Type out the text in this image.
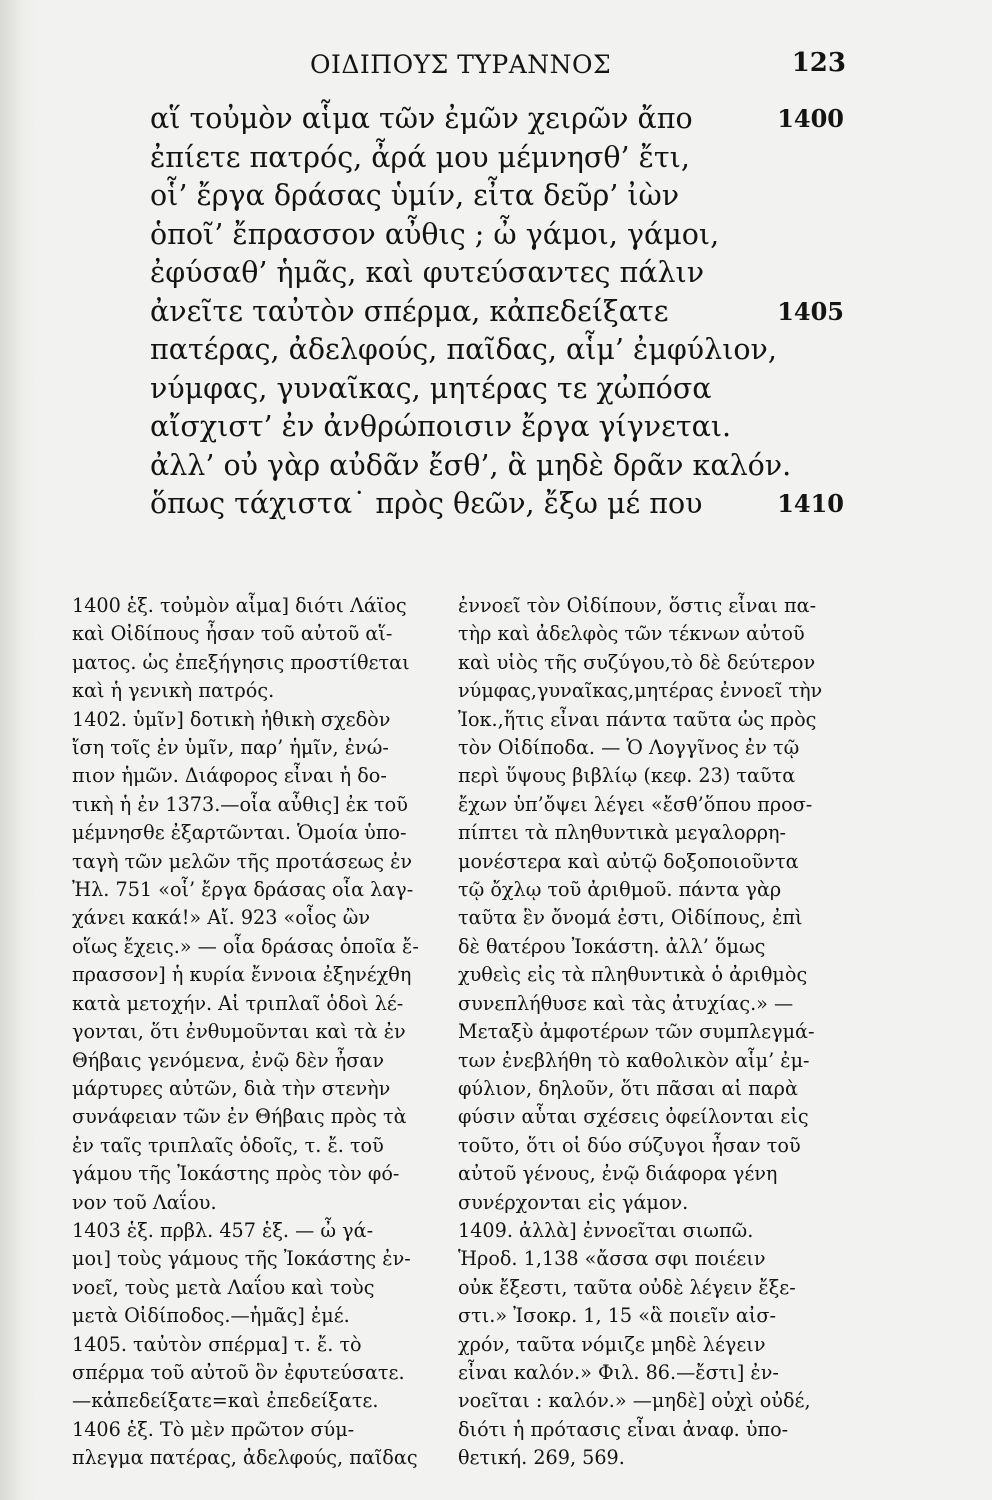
ΟΙΔΙΠΟΥΣ ΤΥΡΑΝΝΟΣ	123
αἵ τοὐμὸν αἷμα τῶν ἐμῶν χειρῶν ἄπο	1400
ἐπίετε πατρός, ἆρά μου μέμνησθ’ ἔτι,
οἷ’ ἔργα δράσας ὑμίν, εἶτα δεῦρ’ ἰὼν
ὁποῖ’ ἔπρασσον αὖθις ; ὦ γάμοι, γάμοι,
ἐφύσαθ’ ἡμᾶς, καὶ φυτεύσαντες πάλιν
ἀνεῖτε ταὐτὸν σπέρμα, κἀπεδείξατε	1405
πατέρας, ἀδελφούς, παῖδας, αἷμ’ ἐμφύλιον,
νύμφας, γυναῖκας, μητέρας τε χὠπόσα
αἴσχιστ’ ἐν ἀνθρώποισιν ἔργα γίγνεται.
ἀλλ’ οὐ γὰρ αὐδᾶν ἔσθ’, ἃ μηδὲ δρᾶν καλόν.
ὅπως τάχιστα˙ πρὸς θεῶν, ἔξω μέ που	1410
1400 ἑξ. τοὐμὸν αἷμα] διότι Λάϊος
καὶ Οἰδίπους ἦσαν τοῦ αὐτοῦ αἵ-
ματος. ὡς ἐπεξήγησις προστίθεται
καὶ ἡ γενικὴ πατρός.
1402. ὑμῖν] δοτικὴ ἠθικὴ σχεδὸν
ἴση τοῖς ἐν ὑμῖν, παρ’ ἡμῖν, ἐνώ-
πιον ἡμῶν. Διάφορος εἶναι ἡ δο-
τικὴ ἡ ἐν 1373.—οἷα αὖθις] ἐκ τοῦ
μέμνησθε ἐξαρτῶνται. Ὁμοία ὑπο-
ταγὴ τῶν μελῶν τῆς προτάσεως ἐν
Ἠλ. 751 «οἷ’ ἔργα δράσας οἷα λαγ-
χάνει κακά!» Αἴ. 923 «οἷος ὢν
οἵως ἔχεις.» — οἷα δράσας ὁποῖα ἔ-
πρασσον] ἡ κυρία ἔννοια ἐξηνέχθη
κατὰ μετοχήν. Αἱ τριπλαῖ ὁδοὶ λέ-
γονται, ὅτι ἐνθυμοῦνται καὶ τὰ ἐν
Θήβαις γενόμενα, ἐνῷ δὲν ἦσαν
μάρτυρες αὐτῶν, διὰ τὴν στενὴν
συνάφειαν τῶν ἐν Θήβαις πρὸς τὰ
ἐν ταῖς τριπλαῖς ὁδοῖς, τ. ἔ. τοῦ
γάμου τῆς Ἰοκάστης πρὸς τὸν φό-
νον τοῦ Λαΐου.
1403 ἑξ. πρβλ. 457 ἑξ. — ὦ γά-
μοι] τοὺς γάμους τῆς Ἰοκάστης ἐν-
νοεῖ, τοὺς μετὰ Λαΐου καὶ τοὺς
μετὰ Οἰδίποδος.—ἡμᾶς] ἐμέ.
1405. ταὐτὸν σπέρμα] τ. ἔ. τὸ
σπέρμα τοῦ αὐτοῦ ὃν ἐφυτεύσατε.
—κἀπεδείξατε=καὶ ἐπεδείξατε.
1406 ἑξ. Τὸ μὲν πρῶτον σύμ-
πλεγμα πατέρας, ἀδελφούς, παῖδας
ἐννοεῖ τὸν Οἰδίπουν, ὅστις εἶναι πα-
τὴρ καὶ ἀδελφὸς τῶν τέκνων αὐτοῦ
καὶ υἱὸς τῆς συζύγου,τὸ δὲ δεύτερον
νύμφας,γυναῖκας,μητέρας ἐννοεῖ τὴν
Ἰοκ.,ἥτις εἶναι πάντα ταῦτα ὡς πρὸς
τὸν Οἰδίποδα. — Ὁ Λογγῖνος ἐν τῷ
περὶ ὕψους βιβλίῳ (κεφ. 23) ταῦτα
ἔχων ὑπ’ὄψει λέγει «ἔσθ’ὅπου προσ-
πίπτει τὰ πληθυντικὰ μεγαλορρη-
μονέστερα καὶ αὐτῷ δοξοποιοῦντα
τῷ ὄχλῳ τοῦ ἀριθμοῦ. πάντα γὰρ
ταῦτα ἓν ὄνομά ἐστι, Οἰδίπους, ἐπὶ
δὲ θατέρου Ἰοκάστη. ἀλλ’ ὅμως
χυθεὶς εἰς τὰ πληθυντικὰ ὁ ἀριθμὸς
συνεπλήθυσε καὶ τὰς ἀτυχίας.» —
Μεταξὺ ἀμφοτέρων τῶν συμπλεγμά-
των ἐνεβλήθη τὸ καθολικὸν αἷμ’ ἐμ-
φύλιον, δηλοῦν, ὅτι πᾶσαι αἱ παρὰ
φύσιν αὗται σχέσεις ὀφείλονται εἰς
τοῦτο, ὅτι οἱ δύο σύζυγοι ἦσαν τοῦ
αὐτοῦ γένους, ἐνῷ διάφορα γένη
συνέρχονται εἰς γάμον.
1409. ἀλλὰ] ἐννοεῖται σιωπῶ.
Ἡροδ. 1,138 «ἄσσα σφι ποιέειν
οὐκ ἔξεστι, ταῦτα οὐδὲ λέγειν ἔξε-
στι.» Ἰσοκρ. 1, 15 «ἃ ποιεῖν αἰσ-
χρόν, ταῦτα νόμιζε μηδὲ λέγειν
εἶναι καλόν.» Φιλ. 86.—ἔστι] ἐν-
νοεῖται : καλόν.» —μηδὲ] οὐχὶ οὐδέ,
διότι ἡ πρότασις εἶναι ἀναφ. ὑπο-
θετική. 269, 569.
